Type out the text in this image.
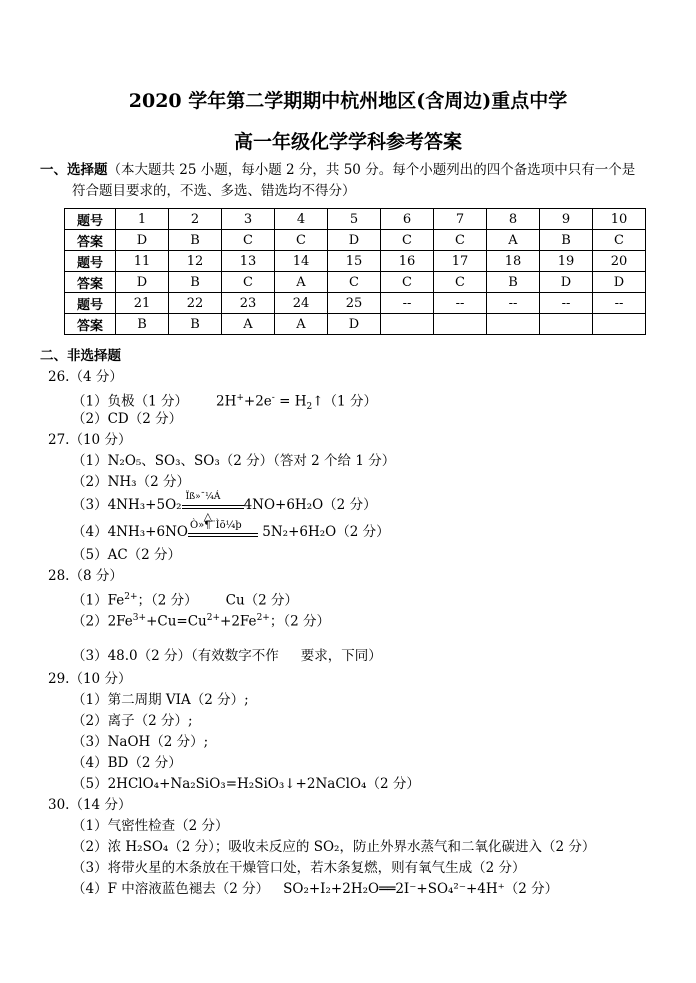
2020 学年第二学期期中杭州地区(含周边)重点中学
高一年级化学学科参考答案
一、选择题（本大题共 25 小题，每小题 2 分，共 50 分。每个小题列出的四个备选项中只有一个是
符合题目要求的，不选、多选、错选均不得分）
题号	1	2	3	4	5	6	7	8	9	10
答案	D	B	C	C	D	C	C	A	B	C
题号	11	12	13	14	15	16	17	18	19	20
答案	D	B	C	A	C	C	C	B	D	D
题号	21	22	23	24	25	--	--	--	--	--
答案	B	B	A	A	D					
二、非选择题
26.（4 分）
（1）负极（1 分） $2H^++2e^- = H_2↑(1$ 分）
（2）CD（2 分）
27.（10 分）
（1）N₂O₅、SO₃、SO₃（2 分）（答对 2 个给 1 分）
（2）NH₃（2 分）
（3）4NH₃+5O₂ Ïß»¯¼Á
△
4NO+6H₂O（2 分）
（4）4NH₃+6NO Ò»¶¨Ìõ¼þ 5N₂+6H₂O（2 分）
（5）AC（2 分）
28.（8 分）
$(1)Fe^{2+}$；（2 分） Cu（2 分）
$(2)2Fe^{3+}+Cu=Cu^{2+}+2Fe^{2+}$；（2 分）
（3）48.0（2 分）（有效数字不作 要求，下同）
29.（10 分）
（1）第二周期 VIA（2 分）;
（2）离子（2 分）;
（3）NaOH（2 分）;
（4）BD（2 分）
（5）2HClO₄+Na₂SiO₃=H₂SiO₃↓+2NaClO₄（2 分）
30.（14 分）
（1）气密性检查（2 分）
（2）浓 H₂SO₄（2 分）；吸收未反应的 SO₂，防止外界水蒸气和二氧化碳进入（2 分）
（3）将带火星的木条放在干燥管口处，若木条复燃，则有氧气生成（2 分）
（4）F 中溶液蓝色褪去（2 分） SO₂+I₂+2H₂O══2I⁻+SO₄²⁻+4H⁺（2 分）
